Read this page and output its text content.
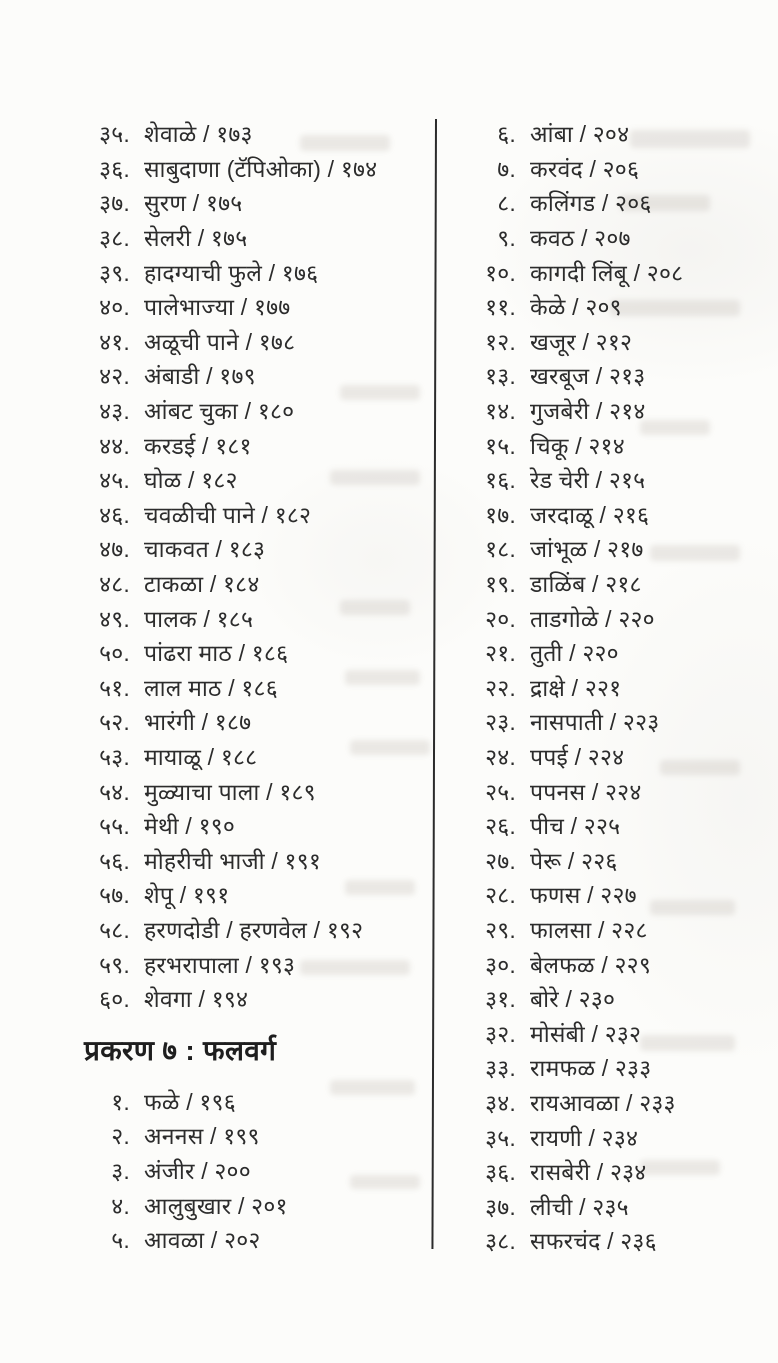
३५. शेवाळे / १७३
३६. साबुदाणा (टॅपिओका) / १७४
३७. सुरण / १७५
३८. सेलरी / १७५
३९. हादग्याची फुले / १७६
४०. पालेभाज्या / १७७
४१. अळूची पाने / १७८
४२. अंबाडी / १७९
४३. आंबट चुका / १८०
४४. करडई / १८१
४५. घोळ / १८२
४६. चवळीची पाने / १८२
४७. चाकवत / १८३
४८. टाकळा / १८४
४९. पालक / १८५
५०. पांढरा माठ / १८६
५१. लाल माठ / १८६
५२. भारंगी / १८७
५३. मायाळू / १८८
५४. मुळ्याचा पाला / १८९
५५. मेथी / १९०
५६. मोहरीची भाजी / १९१
५७. शेपू / १९१
५८. हरणदोडी / हरणवेल / १९२
५९. हरभरापाला / १९३
६०. शेवगा / १९४
प्रकरण ७ : फलवर्ग
१. फळे / १९६
२. अननस / १९९
३. अंजीर / २००
४. आलुबुखार / २०१
५. आवळा / २०२
६. आंबा / २०४
७. करवंद / २०६
८. कलिंगड / २०६
९. कवठ / २०७
१०. कागदी लिंबू / २०८
११. केळे / २०९
१२. खजूर / २१२
१३. खरबूज / २१३
१४. गुजबेरी / २१४
१५. चिकू / २१४
१६. रेड चेरी / २१५
१७. जरदाळू / २१६
१८. जांभूळ / २१७
१९. डाळिंब / २१८
२०. ताडगोळे / २२०
२१. तुती / २२०
२२. द्राक्षे / २२१
२३. नासपाती / २२३
२४. पपई / २२४
२५. पपनस / २२४
२६. पीच / २२५
२७. पेरू / २२६
२८. फणस / २२७
२९. फालसा / २२८
३०. बेलफळ / २२९
३१. बोरे / २३०
३२. मोसंबी / २३२
३३. रामफळ / २३३
३४. रायआवळा / २३३
३५. रायणी / २३४
३६. रासबेरी / २३४
३७. लीची / २३५
३८. सफरचंद / २३६
